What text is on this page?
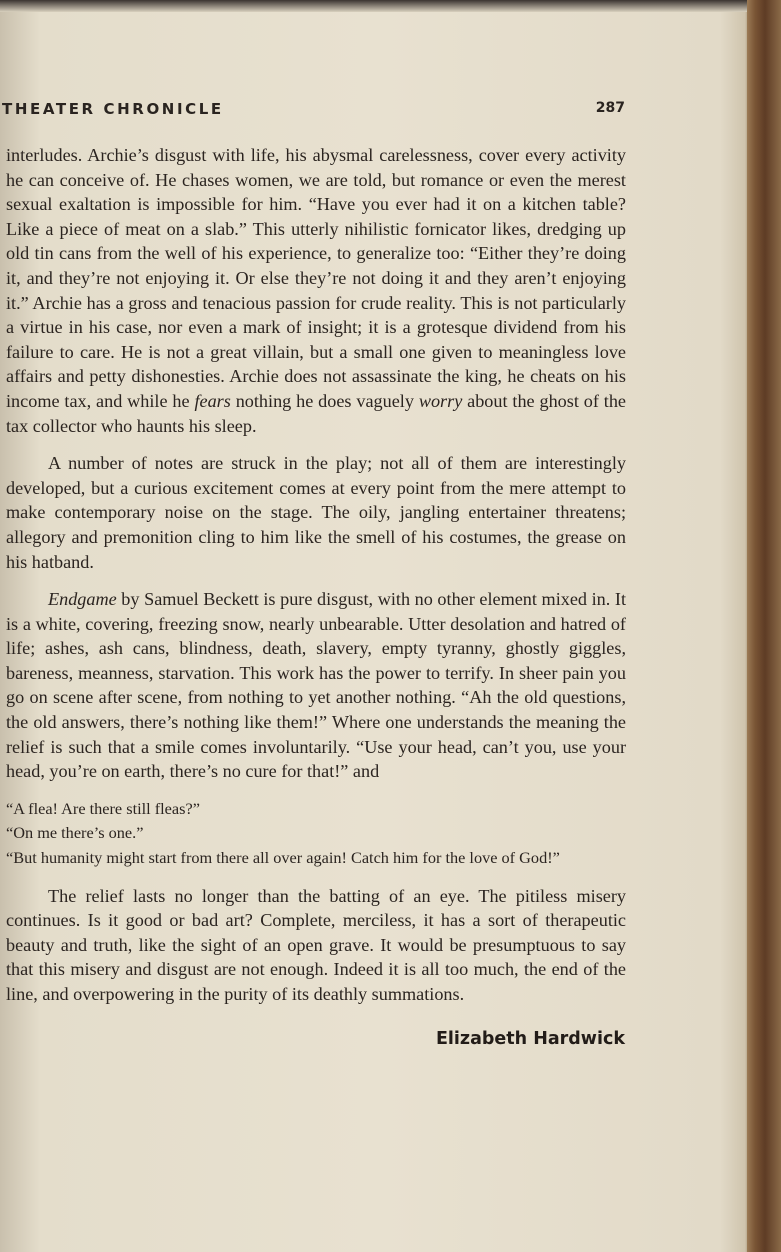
THEATER CHRONICLE	287

interludes. Archie’s disgust with life, his abysmal carelessness, cover every activity he can conceive of. He chases women, we are told, but romance or even the merest sexual exaltation is impossible for him. “Have you ever had it on a kitchen table? Like a piece of meat on a slab.” This utterly nihilistic fornicator likes, dredging up old tin cans from the well of his experience, to generalize too: “Either they’re doing it, and they’re not enjoying it. Or else they’re not doing it and they aren’t enjoying it.” Archie has a gross and tenacious passion for crude reality. This is not particularly a virtue in his case, nor even a mark of insight; it is a grotesque dividend from his failure to care. He is not a great villain, but a small one given to meaningless love affairs and petty dishonesties. Archie does not assassinate the king, he cheats on his income tax, and while he fears nothing he does vaguely worry about the ghost of the tax collector who haunts his sleep.

A number of notes are struck in the play; not all of them are interestingly developed, but a curious excitement comes at every point from the mere attempt to make contemporary noise on the stage. The oily, jangling entertainer threatens; allegory and premonition cling to him like the smell of his costumes, the grease on his hatband.

Endgame by Samuel Beckett is pure disgust, with no other element mixed in. It is a white, covering, freezing snow, nearly unbearable. Utter desolation and hatred of life; ashes, ash cans, blindness, death, slavery, empty tyranny, ghostly giggles, bareness, meanness, starvation. This work has the power to terrify. In sheer pain you go on scene after scene, from nothing to yet another nothing. “Ah the old questions, the old answers, there’s nothing like them!” Where one understands the meaning the relief is such that a smile comes involuntarily. “Use your head, can’t you, use your head, you’re on earth, there’s no cure for that!” and

“A flea! Are there still fleas?”
“On me there’s one.”
“But humanity might start from there all over again! Catch him for the love of God!”

The relief lasts no longer than the batting of an eye. The pitiless misery continues. Is it good or bad art? Complete, merciless, it has a sort of therapeutic beauty and truth, like the sight of an open grave. It would be presumptuous to say that this misery and disgust are not enough. Indeed it is all too much, the end of the line, and overpowering in the purity of its deathly summations.

Elizabeth Hardwick
